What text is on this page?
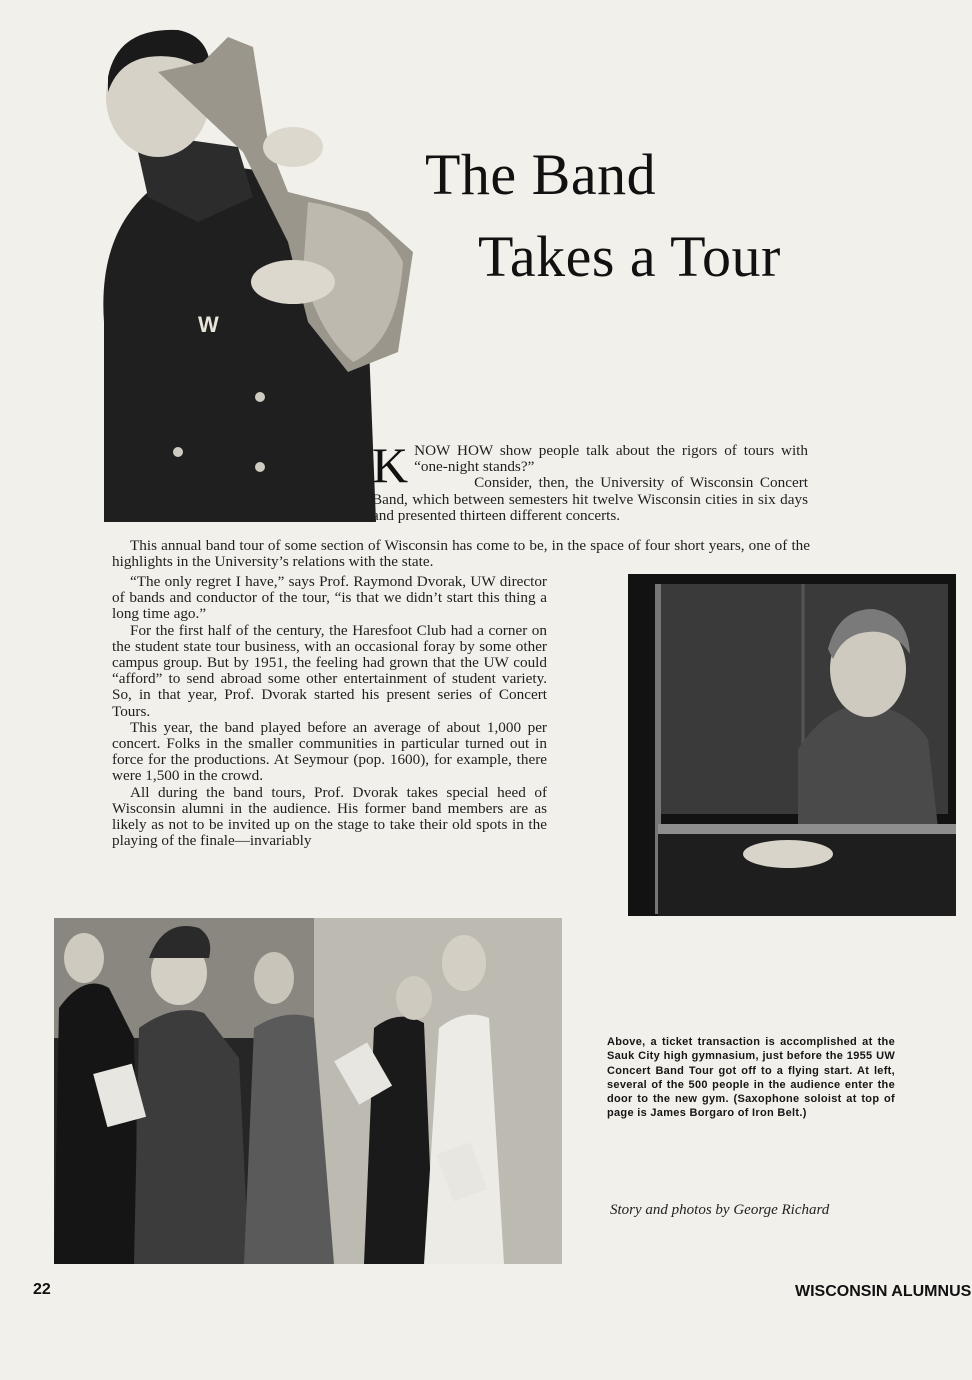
W
The Band
Takes a Tour
K NOW HOW show people talk about the rigors of tours with “one-night stands?”

Consider, then, the University of Wisconsin Concert Band, which between semesters hit twelve Wisconsin cities in six days and presented thirteen different concerts.

This annual band tour of some section of Wisconsin has come to be, in the space of four short years, one of the highlights in the University’s relations with the state.

“The only regret I have,” says Prof. Raymond Dvorak, UW director of bands and conductor of the tour, “is that we didn’t start this thing a long time ago.”

For the first half of the century, the Haresfoot Club had a corner on the student state tour business, with an occasional foray by some other campus group. But by 1951, the feeling had grown that the UW could “afford” to send abroad some other entertainment of student variety. So, in that year, Prof. Dvorak started his present series of Concert Tours.

This year, the band played before an average of about 1,000 per concert. Folks in the smaller communities in particular turned out in force for the productions. At Seymour (pop. 1600), for example, there were 1,500 in the crowd.

All during the band tours, Prof. Dvorak takes special heed of Wisconsin alumni in the audience. His former band members are as likely as not to be invited up on the stage to take their old spots in the playing of the finale—invariably

Above, a ticket transaction is accomplished at the Sauk City high gymnasium, just before the 1955 UW Concert Band Tour got off to a flying start. At left, several of the 500 people in the audience enter the door to the new gym. (Saxophone soloist at top of page is James Borgaro of Iron Belt.)
Story and photos by George Richard
22	WISCONSIN ALUMNUS
